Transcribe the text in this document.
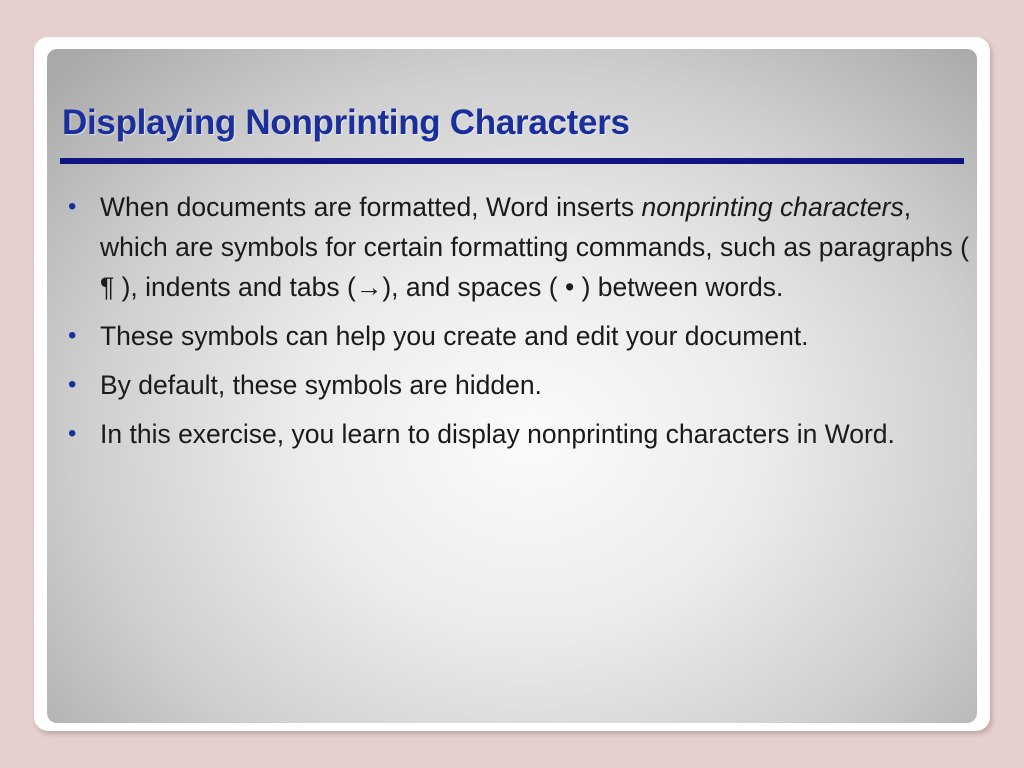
Displaying Nonprinting Characters
• When documents are formatted, Word inserts nonprinting characters, which are symbols for certain formatting commands, such as paragraphs ( ¶ ), indents and tabs (→), and spaces ( • ) between words.
• These symbols can help you create and edit your document.
• By default, these symbols are hidden.
• In this exercise, you learn to display nonprinting characters in Word.
